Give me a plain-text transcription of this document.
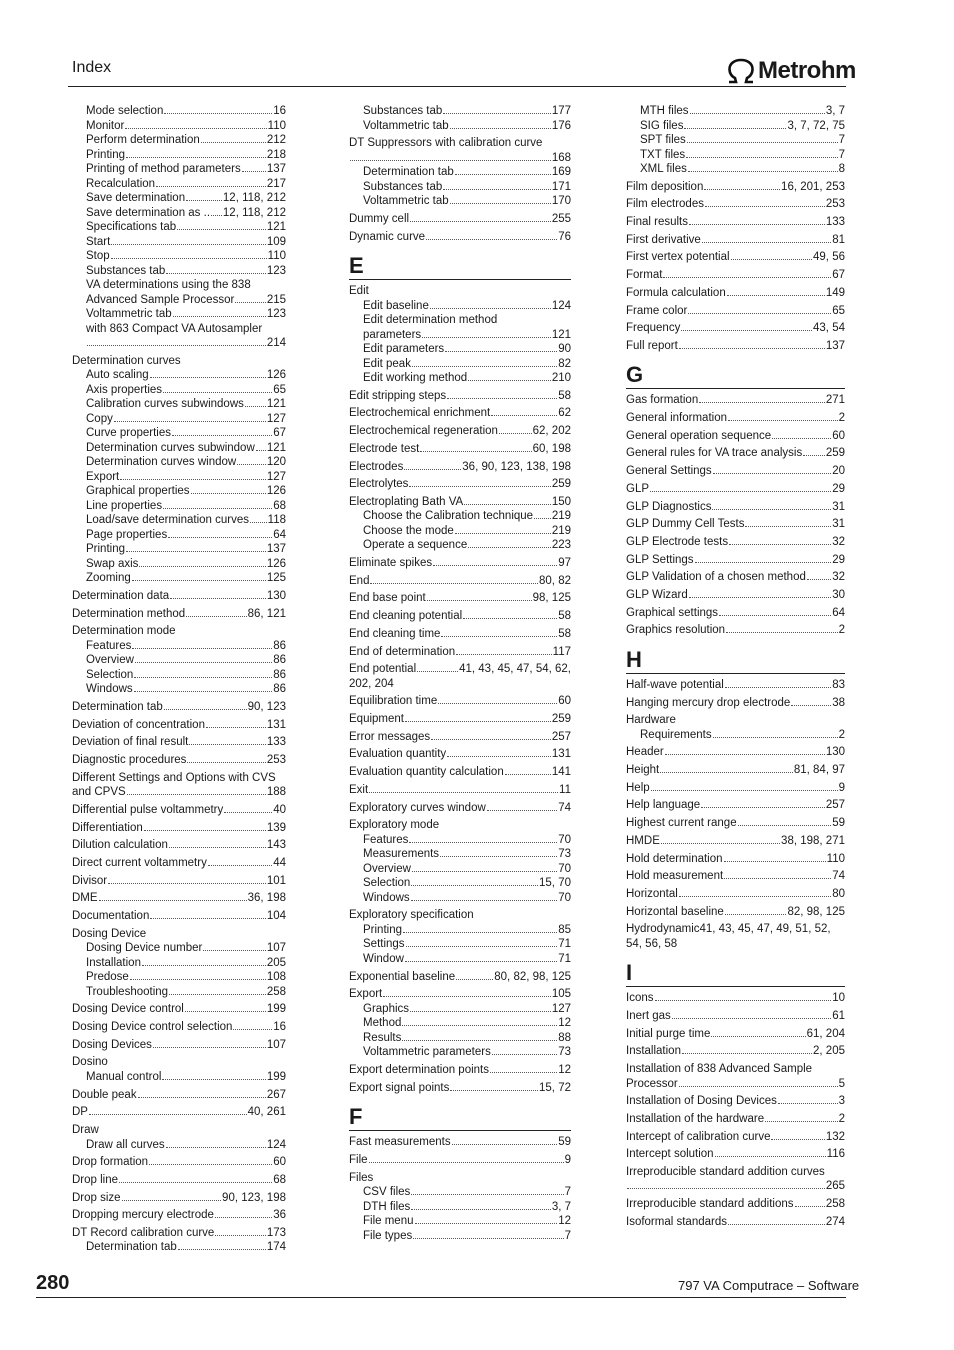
Index	Metrohm
Mode selection	16
Monitor	110
Perform determination	212
Printing	218
Printing of method parameters 137
Recalculation	217
Save determination	12, 118, 212
Save determination as .. 12, 118, 212
Specifications tab	121
Start	109
Stop	110
Substances tab	123
VA determinations using the 838
Advanced Sample Processor	215
Voltammetric tab	123
with 863 Compact VA Autosampler
214
Determination curves
Auto scaling	126
Axis properties	65
Calibration curves subwindows 121
Copy	127
Curve properties	67
Determination curves subwindow 121
Determination curves window	120
Export	127
Graphical properties	126
Line properties	68
Load/save determination curves 118
Page properties	64
Printing	137
Swap axis	126
Zooming	125
Determination data	130
Determination method	86, 121
Determination mode
Features	86
Overview	86
Selection	86
Windows	86
Determination tab	90, 123
Deviation of concentration	131
Deviation of final result	133
Diagnostic procedures	253
Different Settings and Options with CVS
and CPVS	188
Differential pulse voltammetry	40
Differentiation	139
Dilution calculation	143
Direct current voltammetry	44
Divisor	101
DME	36, 198
Documentation	104
Dosing Device
Dosing Device number	107
Installation	205
Predose	108
Troubleshooting	258
Dosing Device control	199
Dosing Device control selection	16
Dosing Devices	107
Dosino
Manual control	199
Double peak	267
DP	40, 261
Draw
Draw all curves	124
Drop formation	60
Drop line	68
Drop size	90, 123, 198
Dropping mercury electrode	36
DT Record calibration curve	173
Determination tab	174
Substances tab	177
Voltammetric tab	176
DT Suppressors with calibration curve
168
Determination tab	169
Substances tab	171
Voltammetric tab	170
Dummy cell	255
Dynamic curve	76
E
Edit
Edit baseline	124
Edit determination method
parameters	121
Edit parameters	90
Edit peak	82
Edit working method	210
Edit stripping steps	58
Electrochemical enrichment	62
Electrochemical regeneration	62, 202
Electrode test	60, 198
Electrodes	36, 90, 123, 138, 198
Electrolytes	259
Electroplating Bath VA	150
Choose the Calibration technique 219
Choose the mode	219
Operate a sequence	223
Eliminate spikes	97
End	80, 82
End base point	98, 125
End cleaning potential	58
End cleaning time	58
End of determination	117
End potential	41, 43, 45, 47, 54, 62,
202, 204
Equilibration time	60
Equipment	259
Error messages	257
Evaluation quantity	131
Evaluation quantity calculation	141
Exit	11
Exploratory curves window	74
Exploratory mode
Features	70
Measurements	73
Overview	70
Selection	15, 70
Windows	70
Exploratory specification
Printing	85
Settings	71
Window	71
Exponential baseline	80, 82, 98, 125
Export	105
Graphics	127
Method	12
Results	88
Voltammetric parameters	73
Export determination points	12
Export signal points	15, 72
F
Fast measurements	59
File	9
Files
CSV files	7
DTH files	3, 7
File menu	12
File types	7
MTH files	3, 7
SIG files	3, 7, 72, 75
SPT files	7
TXT files	7
XML files	8
Film deposition	16, 201, 253
Film electrodes	253
Final results	133
First derivative	81
First vertex potential	49, 56
Format	67
Formula calculation	149
Frame color	65
Frequency	43, 54
Full report	137
G
Gas formation	271
General information	2
General operation sequence	60
General rules for VA trace analysis 259
General Settings	20
GLP	29
GLP Diagnostics	31
GLP Dummy Cell Tests	31
GLP Electrode tests	32
GLP Settings	29
GLP Validation of a chosen method 32
GLP Wizard	30
Graphical settings	64
Graphics resolution	2
H
Half-wave potential	83
Hanging mercury drop electrode	38
Hardware
Requirements	2
Header	130
Height	81, 84, 97
Help	9
Help language	257
Highest current range	59
HMDE	38, 198, 271
Hold determination	110
Hold measurement	74
Horizontal	80
Horizontal baseline	82, 98, 125
Hydrodynamic41, 43, 45, 47, 49, 51, 52,
54, 56, 58
I
Icons	10
Inert gas	61
Initial purge time	61, 204
Installation	2, 205
Installation of 838 Advanced Sample
Processor	5
Installation of Dosing Devices	3
Installation of the hardware	2
Intercept of calibration curve	132
Intercept solution	116
Irreproducible standard addition curves
265
Irreproducible standard additions	258
Isoformal standards	274
280	797 VA Computrace – Software
